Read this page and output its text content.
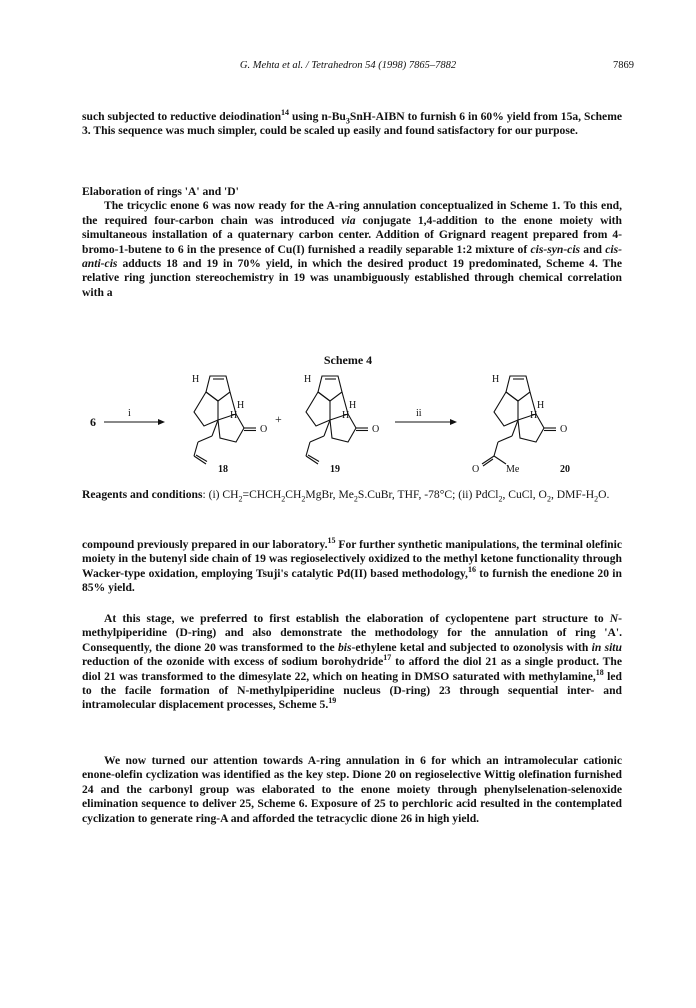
G. Mehta et al. / Tetrahedron 54 (1998) 7865–7882	7869

such subjected to reductive deiodination$^{14}$ using $n-Bu_3SnH$-AIBN to furnish 6 in 60% yield from 15a, Scheme 3. This sequence was much simpler, could be scaled up easily and found satisfactory for our purpose.

Elaboration of rings 'A' and 'D'

The tricyclic enone 6 was now ready for the A-ring annulation conceptualized in Scheme 1. To this end, the required four-carbon chain was introduced via conjugate 1,4-addition to the enone moiety with simultaneous installation of a quaternary carbon center. Addition of Grignard reagent prepared from 4-bromo-1-butene to 6 in the presence of Cu(I) furnished a readily separable 1:2 mixture of cis-syn-cis and cis-anti-cis adducts 18 and 19 in 70% yield, in which the desired product 19 predominated, Scheme 4. The relative ring junction stereochemistry in 19 was unambiguously established through chemical correlation with a

Scheme 4
6
i
O
H
H
H
18
+
O
H
H
H
19
ii
O
O	Me
H
H
H
20
Reagents and conditions: (i) $CH_2=CHCH_2CH_2MgBr$, $Me_2S.CuBr$, THF, -78°C; (ii) PdCl$_2$, CuCl, $O_2$, DMF-$H_2O$.

compound previously prepared in our laboratory.$^{15}$ For further synthetic manipulations, the terminal olefinic moiety in the butenyl side chain of 19 was regioselectively oxidized to the methyl ketone functionality through Wacker-type oxidation, employing Tsuji's catalytic Pd(II) based methodology,$^{16}$ to furnish the enedione 20 in 85% yield.

At this stage, we preferred to first establish the elaboration of cyclopentene part structure to N-methylpiperidine (D-ring) and also demonstrate the methodology for the annulation of ring 'A'. Consequently, the dione 20 was transformed to the bis-ethylene ketal and subjected to ozonolysis with in situ reduction of the ozonide with excess of sodium borohydride$^{17}$ to afford the diol 21 as a single product. The diol 21 was transformed to the dimesylate 22, which on heating in DMSO saturated with methylamine,$^{18}$ led to the facile formation of N-methylpiperidine nucleus (D-ring) 23 through sequential inter- and intramolecular displacement processes, Scheme 5.19

We now turned our attention towards A-ring annulation in 6 for which an intramolecular cationic enone-olefin cyclization was identified as the key step. Dione 20 on regioselective Wittig olefination furnished 24 and the carbonyl group was elaborated to the enone moiety through phenylselenation-selenoxide elimination sequence to deliver 25, Scheme 6. Exposure of 25 to perchloric acid resulted in the contemplated cyclization to generate ring-A and afforded the tetracyclic dione 26 in high yield.
